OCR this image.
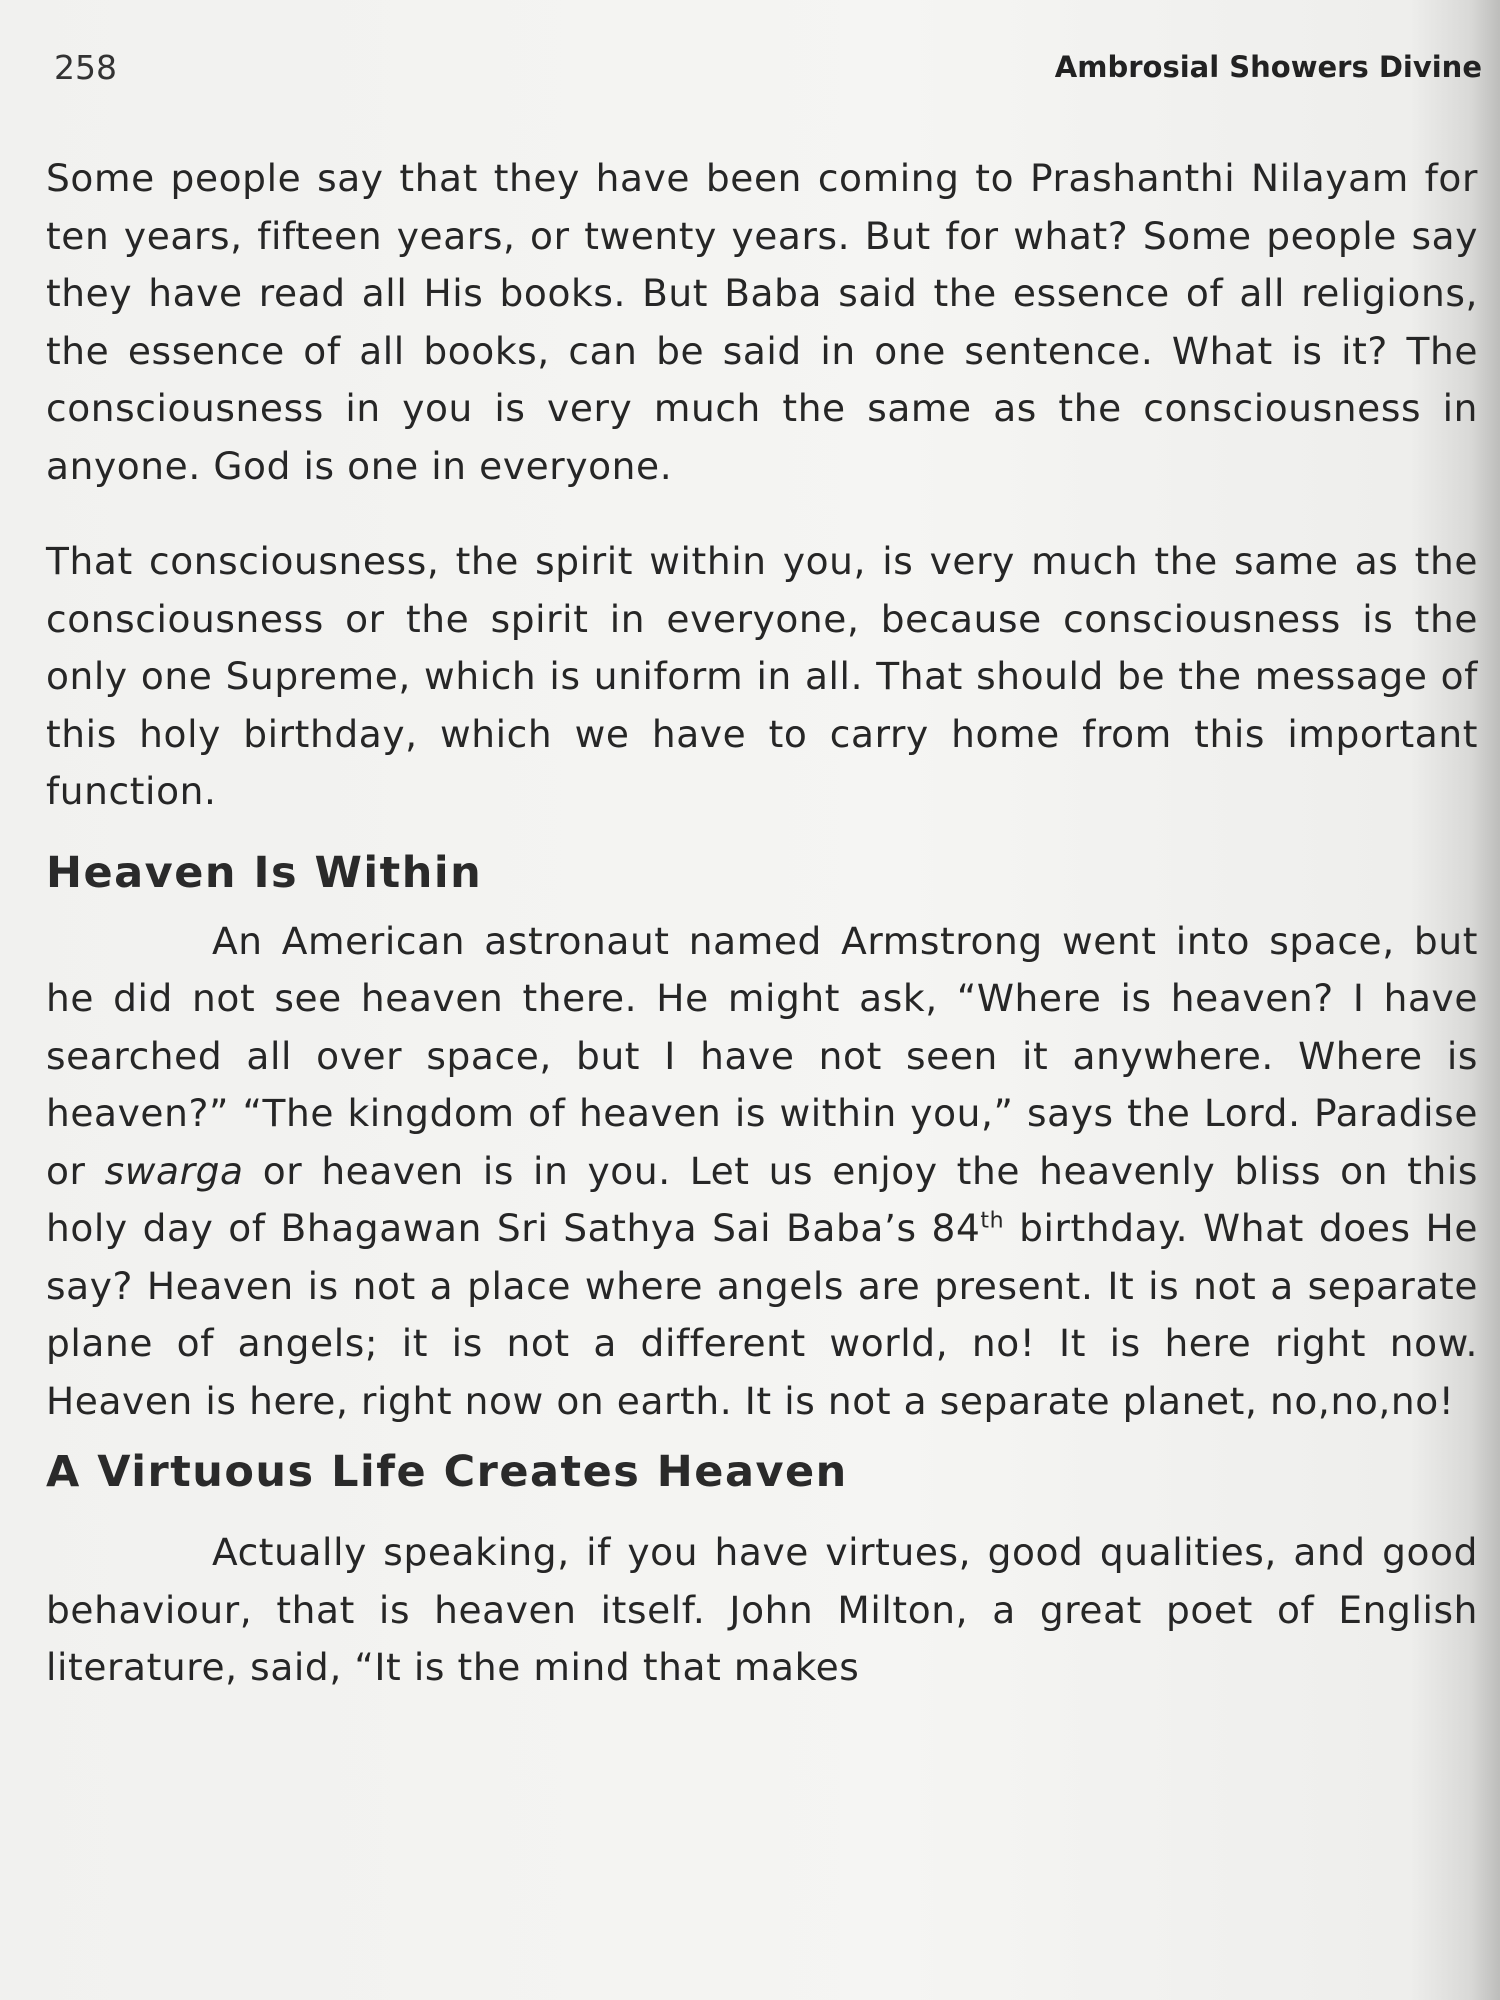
258	Ambrosial Showers Divine

Some people say that they have been coming to Prashanthi Nilayam for ten years, fifteen years, or twenty years. But for what? Some people say they have read all His books. But Baba said the essence of all religions, the essence of all books, can be said in one sentence. What is it? The consciousness in you is very much the same as the consciousness in anyone. God is one in everyone.

That consciousness, the spirit within you, is very much the same as the consciousness or the spirit in everyone, because consciousness is the only one Supreme, which is uniform in all. That should be the message of this holy birthday, which we have to carry home from this important function.

Heaven Is Within

An American astronaut named Armstrong went into space, but he did not see heaven there. He might ask, “Where is heaven? I have searched all over space, but I have not seen it anywhere. Where is heaven?” “The kingdom of heaven is within you,” says the Lord. Paradise or swarga or heaven is in you. Let us enjoy the heavenly bliss on this holy day of Bhagawan Sri Sathya Sai Baba’s 84th birthday. What does He say? Heaven is not a place where angels are present. It is not a separate plane of angels; it is not a different world, no! It is here right now. Heaven is here, right now on earth. It is not a separate planet, no,no,no!

A Virtuous Life Creates Heaven

Actually speaking, if you have virtues, good qualities, and good behaviour, that is heaven itself. John Milton, a great poet of English literature, said, “It is the mind that makes
